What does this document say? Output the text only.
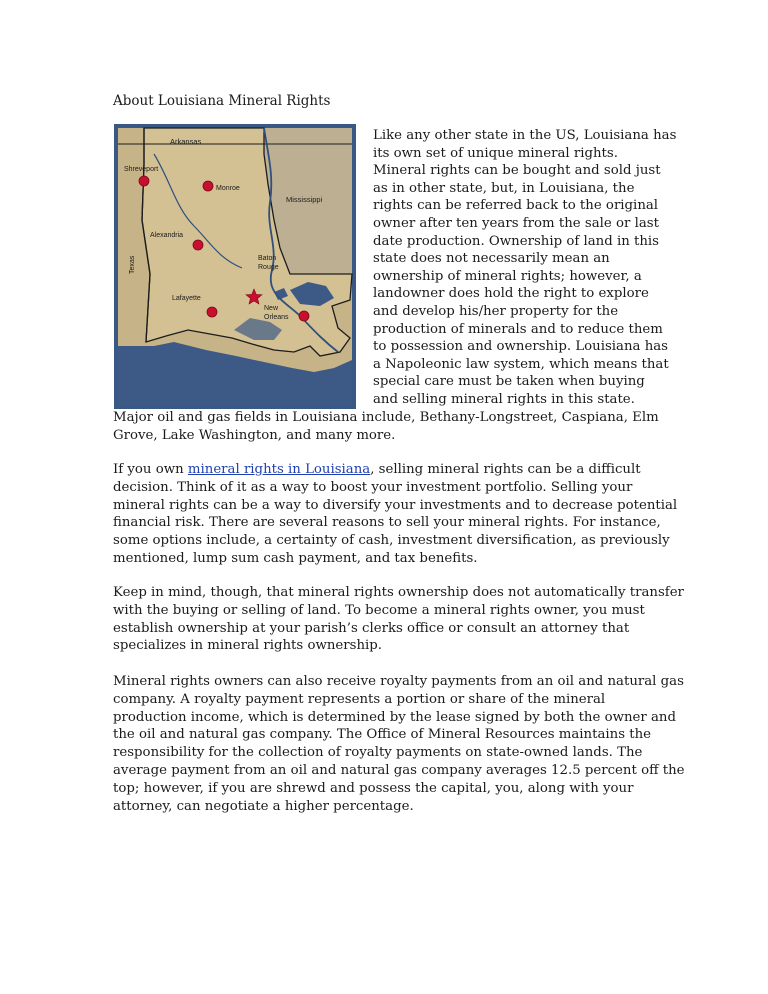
About Louisiana Mineral Rights
Arkansas
Shreveport
Monroe
Mississippi
Alexandria
Texas	Baton
Rouge
Lafayette
New
Orleans
Like any other state in the US, Louisiana has
its own set of unique mineral rights.
Mineral rights can be bought and sold just
as in other state, but, in Louisiana, the
rights can be referred back to the original
owner after ten years from the sale or last
date production. Ownership of land in this
state does not necessarily mean an
ownership of mineral rights; however, a
landowner does hold the right to explore
and develop his/her property for the
production of minerals and to reduce them
to possession and ownership. Louisiana has
a Napoleonic law system, which means that
special care must be taken when buying
and selling mineral rights in this state.
Major oil and gas fields in Louisiana include, Bethany-Longstreet, Caspiana, Elm
Grove, Lake Washington, and many more.
If you own mineral rights in Louisiana, selling mineral rights can be a difficult
decision. Think of it as a way to boost your investment portfolio. Selling your
mineral rights can be a way to diversify your investments and to decrease potential
financial risk. There are several reasons to sell your mineral rights. For instance,
some options include, a certainty of cash, investment diversification, as previously
mentioned, lump sum cash payment, and tax benefits.
Keep in mind, though, that mineral rights ownership does not automatically transfer
with the buying or selling of land. To become a mineral rights owner, you must
establish ownership at your parish’s clerks office or consult an attorney that
specializes in mineral rights ownership.
Mineral rights owners can also receive royalty payments from an oil and natural gas
company. A royalty payment represents a portion or share of the mineral
production income, which is determined by the lease signed by both the owner and
the oil and natural gas company. The Office of Mineral Resources maintains the
responsibility for the collection of royalty payments on state-owned lands. The
average payment from an oil and natural gas company averages 12.5 percent off the
top; however, if you are shrewd and possess the capital, you, along with your
attorney, can negotiate a higher percentage.
